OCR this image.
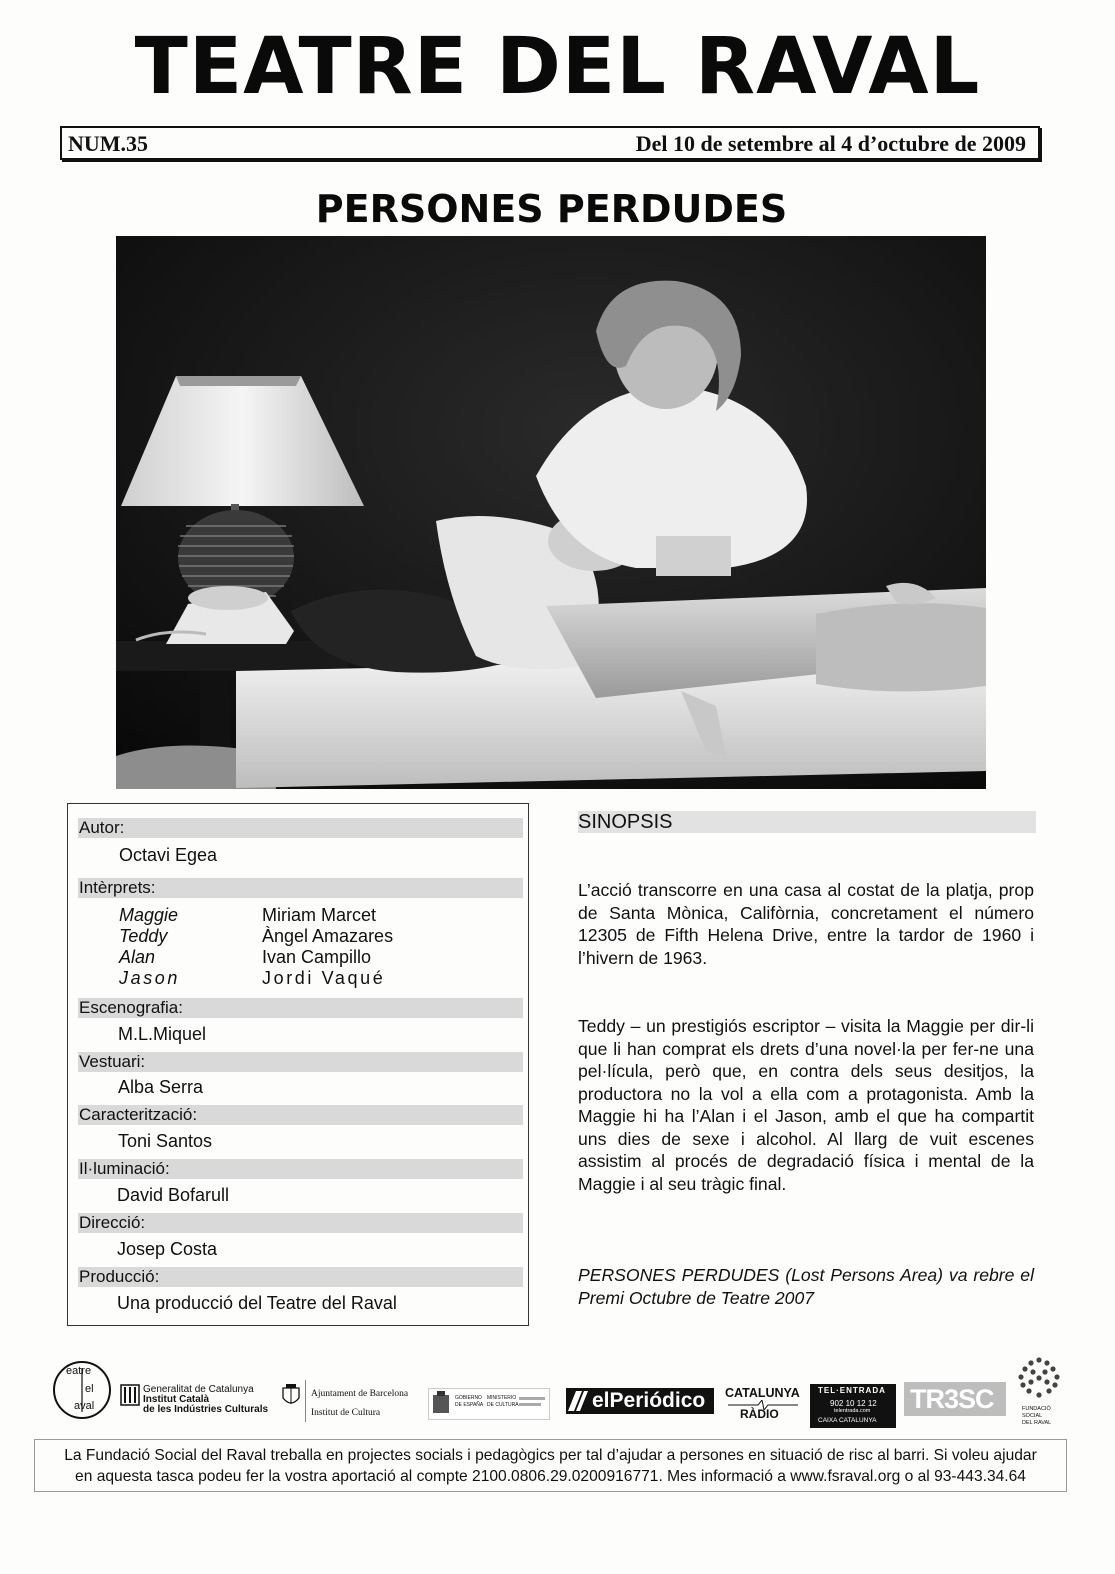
TEATRE DEL RAVAL
NUM.35	Del 10 de setembre al 4 d’octubre de 2009
PERSONES PERDUDES
Autor:
Octavi Egea
Intèrprets:
Maggie	Miriam Marcet
Teddy	Àngel Amazares
Alan	Ivan Campillo
Jason	Jordi Vaqué
Escenografia:
M.L.Miquel
Vestuari:
Alba Serra
Caracterització:
Toni Santos
Il·luminació:
David Bofarull
Direcció:
Josep Costa
Producció:
Una producció del Teatre del Raval
SINOPSIS
L’acció transcorre en una casa al costat de la platja, prop de Santa Mònica, Califòrnia, concretament el número 12305 de Fifth Helena Drive, entre la tardor de 1960 i l’hivern de 1963.
Teddy – un prestigiós escriptor – visita la Maggie per dir-li que li han comprat els drets d’una novel·la per fer-ne una pel·lícula, però que, en contra dels seus desitjos, la productora no la vol a ella com a protagonista. Amb la Maggie hi ha l’Alan i el Jason, amb el que ha compartit uns dies de sexe i alcohol. Al llarg de vuit escenes assistim al procés de degradació física i mental de la Maggie i al seu tràgic final.
PERSONES PERDUDES (Lost Persons Area) va rebre el Premi Octubre de Teatre 2007
eatre
el
aval
Generalitat de Catalunya
Institut Català
de les Indústries Culturals
Ajuntament de Barcelona
Institut de Cultura
GOBIERNO
DE ESPAÑA
MINISTERIO
DE CULTURA	elPeriódico CATALUNYA
RÀDIO
TEL·ENTRADA
902 10 12 12
telentrada.com
CAIXA CATALUNYA
TR3SC	FUNDACIÓ
SOCIAL
DEL RAVAL
La Fundació Social del Raval treballa en projectes socials i pedagògics per tal d’ajudar a persones en situació de risc al barri. Si voleu ajudar
en aquesta tasca podeu fer la vostra aportació al compte 2100.0806.29.0200916771. Mes informació a www.fsraval.org o al 93-443.34.64
